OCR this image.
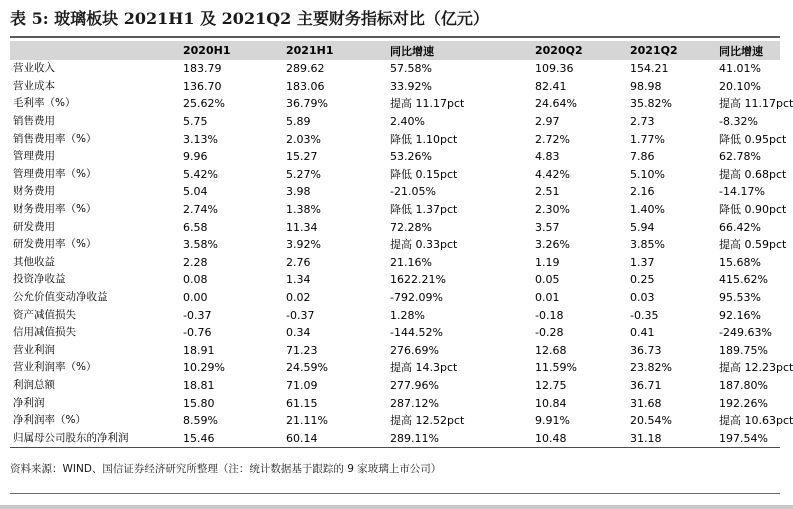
表 5: 玻璃板块 2021H1 及 2021Q2 主要财务指标对比（亿元）
	2020H1	2021H1	同比增速	2020Q2	2021Q2	同比增速
营业收入	183.79	289.62	57.58%	109.36	154.21	41.01%
营业成本	136.70	183.06	33.92%	82.41	98.98	20.10%
毛利率（%）	25.62%	36.79%	提高 11.17pct	24.64%	35.82%	提高 11.17pct
销售费用	5.75	5.89	2.40%	2.97	2.73	-8.32%
销售费用率（%）	3.13%	2.03%	降低 1.10pct	2.72%	1.77%	降低 0.95pct
管理费用	9.96	15.27	53.26%	4.83	7.86	62.78%
管理费用率（%）	5.42%	5.27%	降低 0.15pct	4.42%	5.10%	提高 0.68pct
财务费用	5.04	3.98	-21.05%	2.51	2.16	-14.17%
财务费用率（%）	2.74%	1.38%	降低 1.37pct	2.30%	1.40%	降低 0.90pct
研发费用	6.58	11.34	72.28%	3.57	5.94	66.42%
研发费用率（%）	3.58%	3.92%	提高 0.33pct	3.26%	3.85%	提高 0.59pct
其他收益	2.28	2.76	21.16%	1.19	1.37	15.68%
投资净收益	0.08	1.34	1622.21%	0.05	0.25	415.62%
公允价值变动净收益	0.00	0.02	-792.09%	0.01	0.03	95.53%
资产减值损失	-0.37	-0.37	1.28%	-0.18	-0.35	92.16%
信用减值损失	-0.76	0.34	-144.52%	-0.28	0.41	-249.63%
营业利润	18.91	71.23	276.69%	12.68	36.73	189.75%
营业利润率（%）	10.29%	24.59%	提高 14.3pct	11.59%	23.82%	提高 12.23pct
利润总额	18.81	71.09	277.96%	12.75	36.71	187.80%
净利润	15.80	61.15	287.12%	10.84	31.68	192.26%
净利润率（%）	8.59%	21.11%	提高 12.52pct	9.91%	20.54%	提高 10.63pct
归属母公司股东的净利润	15.46	60.14	289.11%	10.48	31.18	197.54%
资料来源：WIND、国信证券经济研究所整理（注：统计数据基于跟踪的 9 家玻璃上市公司）
